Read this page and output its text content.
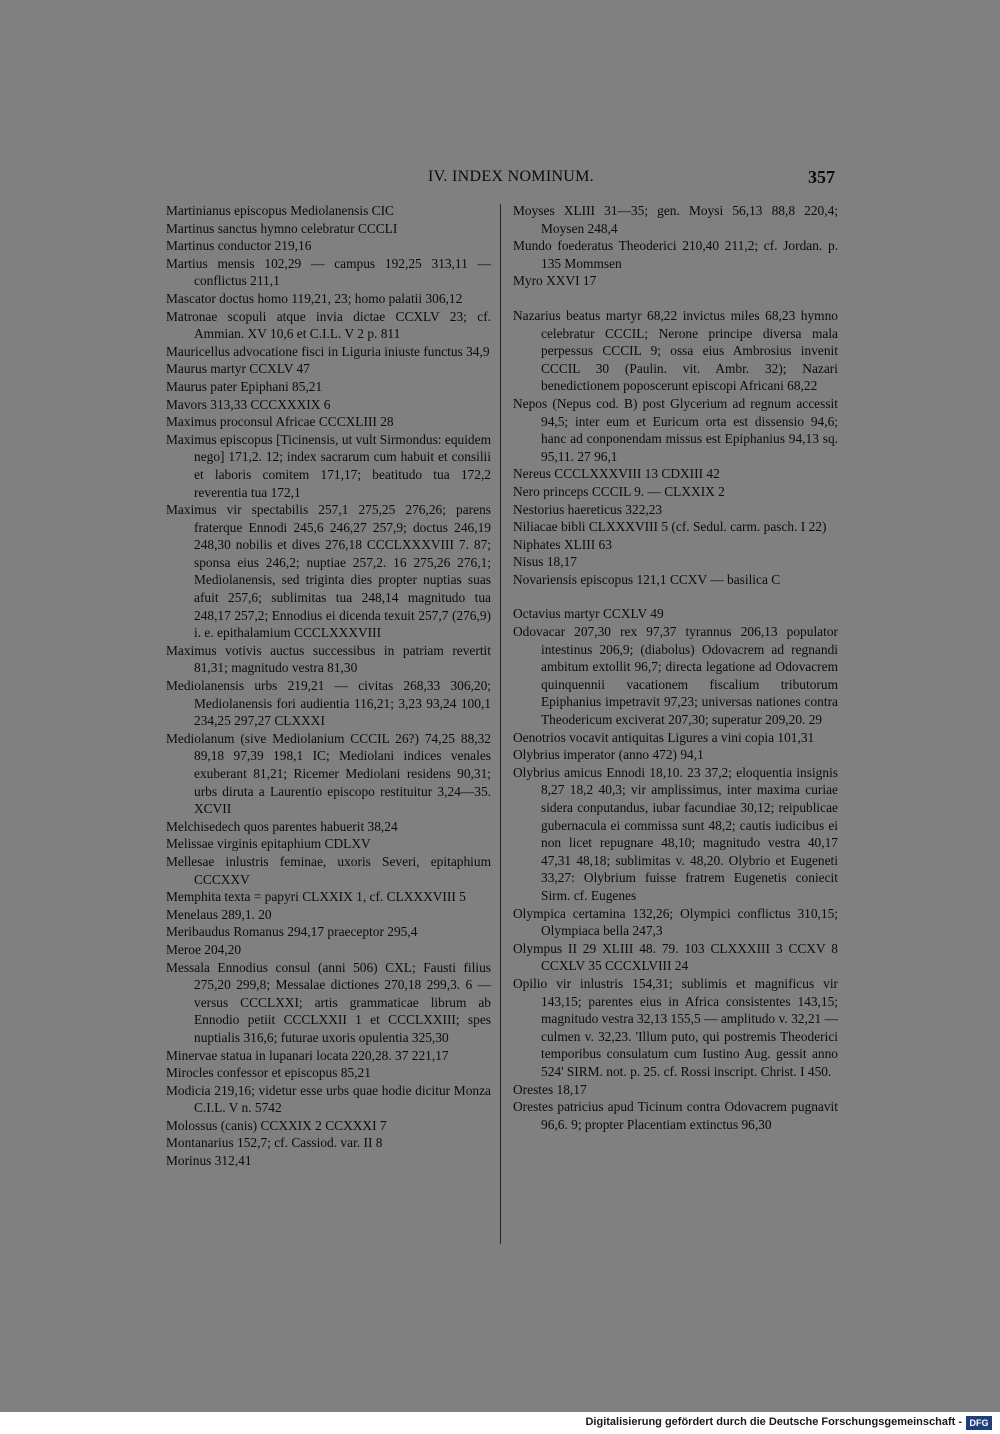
IV. INDEX NOMINUM.	357
Martinianus episcopus Mediolanensis CIC
Martinus sanctus hymno celebratur CCCLI
Martinus conductor 219,16
Martius mensis 102,29 — campus 192,25 313,11 — conflictus 211,1
Mascator doctus homo 119,21, 23; homo palatii 306,12
Matronae scopuli atque invia dictae CCXLV 23; cf. Ammian. XV 10,6 et C.I.L. V 2 p. 811
Mauricellus advocatione fisci in Liguria iniuste functus 34,9
Maurus martyr CCXLV 47
Maurus pater Epiphani 85,21
Mavors 313,33 CCCXXXIX 6
Maximus proconsul Africae CCCXLIII 28
Maximus episcopus [Ticinensis, ut vult Sirmondus: equidem nego] 171,2. 12; index sacrarum cum habuit et consilii et laboris comitem 171,17; beatitudo tua 172,2 reverentia tua 172,1
Maximus vir spectabilis 257,1 275,25 276,26; parens fraterque Ennodi 245,6 246,27 257,9; doctus 246,19 248,30 nobilis et dives 276,18 CCCLXXXVIII 7. 87; sponsa eius 246,2; nuptiae 257,2. 16 275,26 276,1; Mediolanensis, sed triginta dies propter nuptias suas afuit 257,6; sublimitas tua 248,14 magnitudo tua 248,17 257,2; Ennodius ei dicenda texuit 257,7 (276,9) i. e. epithalamium CCCLXXXVIII
Maximus votivis auctus successibus in patriam revertit 81,31; magnitudo vestra 81,30
Mediolanensis urbs 219,21 — civitas 268,33 306,20; Mediolanensis fori audientia 116,21; 3,23 93,24 100,1 234,25 297,27 CLXXXI
Mediolanum (sive Mediolanium CCCIL 26?) 74,25 88,32 89,18 97,39 198,1 IC; Mediolani indices venales exuberant 81,21; Ricemer Mediolani residens 90,31; urbs diruta a Laurentio episcopo restituitur 3,24—35. XCVII
Melchisedech quos parentes habuerit 38,24
Melissae virginis epitaphium CDLXV
Mellesae inlustris feminae, uxoris Severi, epitaphium CCCXXV
Memphita texta = papyri CLXXIX 1, cf. CLXXXVIII 5
Menelaus 289,1. 20
Meribaudus Romanus 294,17 praeceptor 295,4
Meroe 204,20
Messala Ennodius consul (anni 506) CXL; Fausti filius 275,20 299,8; Messalae dictiones 270,18 299,3. 6 — versus CCCLXXI; artis grammaticae librum ab Ennodio petiit CCCLXXII 1 et CCCLXXIII; spes nuptialis 316,6; futurae uxoris opulentia 325,30
Minervae statua in lupanari locata 220,28. 37 221,17
Mirocles confessor et episcopus 85,21
Modicia 219,16; videtur esse urbs quae hodie dicitur Monza C.I.L. V n. 5742
Molossus (canis) CCXXIX 2 CCXXXI 7
Montanarius 152,7; cf. Cassiod. var. II 8
Morinus 312,41
Moyses XLIII 31—35; gen. Moysi 56,13 88,8 220,4; Moysen 248,4
Mundo foederatus Theoderici 210,40 211,2; cf. Jordan. p. 135 Mommsen
Myro XXVI 17
Nazarius beatus martyr 68,22 invictus miles 68,23 hymno celebratur CCCIL; Nerone principe diversa mala perpessus CCCIL 9; ossa eius Ambrosius invenit CCCIL 30 (Paulin. vit. Ambr. 32); Nazari benedictionem poposcerunt episcopi Africani 68,22
Nepos (Nepus cod. B) post Glycerium ad regnum accessit 94,5; inter eum et Euricum orta est dissensio 94,6; hanc ad conponendam missus est Epiphanius 94,13 sq. 95,11. 27 96,1
Nereus CCCLXXXVIII 13 CDXIII 42
Nero princeps CCCIL 9. — CLXXIX 2
Nestorius haereticus 322,23
Niliacae bibli CLXXXVIII 5 (cf. Sedul. carm. pasch. I 22)
Niphates XLIII 63
Nisus 18,17
Novariensis episcopus 121,1 CCXV — basilica C
Octavius martyr CCXLV 49
Odovacar 207,30 rex 97,37 tyrannus 206,13 populator intestinus 206,9; (diabolus) Odovacrem ad regnandi ambitum extollit 96,7; directa legatione ad Odovacrem quinquennii vacationem fiscalium tributorum Epiphanius impetravit 97,23; universas nationes contra Theodericum exciverat 207,30; superatur 209,20. 29
Oenotrios vocavit antiquitas Ligures a vini copia 101,31
Olybrius imperator (anno 472) 94,1
Olybrius amicus Ennodi 18,10. 23 37,2; eloquentia insignis 8,27 18,2 40,3; vir amplissimus, inter maxima curiae sidera conputandus, iubar facundiae 30,12; reipublicae gubernacula ei commissa sunt 48,2; cautis iudicibus ei non licet repugnare 48,10; magnitudo vestra 40,17 47,31 48,18; sublimitas v. 48,20. Olybrio et Eugeneti 33,27: Olybrium fuisse fratrem Eugenetis coniecit Sirm. cf. Eugenes
Olympica certamina 132,26; Olympici conflictus 310,15; Olympiaca bella 247,3
Olympus II 29 XLIII 48. 79. 103 CLXXXIII 3 CCXV 8 CCXLV 35 CCCXLVIII 24
Opilio vir inlustris 154,31; sublimis et magnificus vir 143,15; parentes eius in Africa consistentes 143,15; magnitudo vestra 32,13 155,5 — amplitudo v. 32,21 — culmen v. 32,23. 'Illum puto, qui postremis Theoderici temporibus consulatum cum Iustino Aug. gessit anno 524' SIRM. not. p. 25. cf. Rossi inscript. Christ. I 450.
Orestes 18,17
Orestes patricius apud Ticinum contra Odovacrem pugnavit 96,6. 9; propter Placentiam extinctus 96,30
Digitalisierung gefördert durch die Deutsche Forschungsgemeinschaft - DFG
